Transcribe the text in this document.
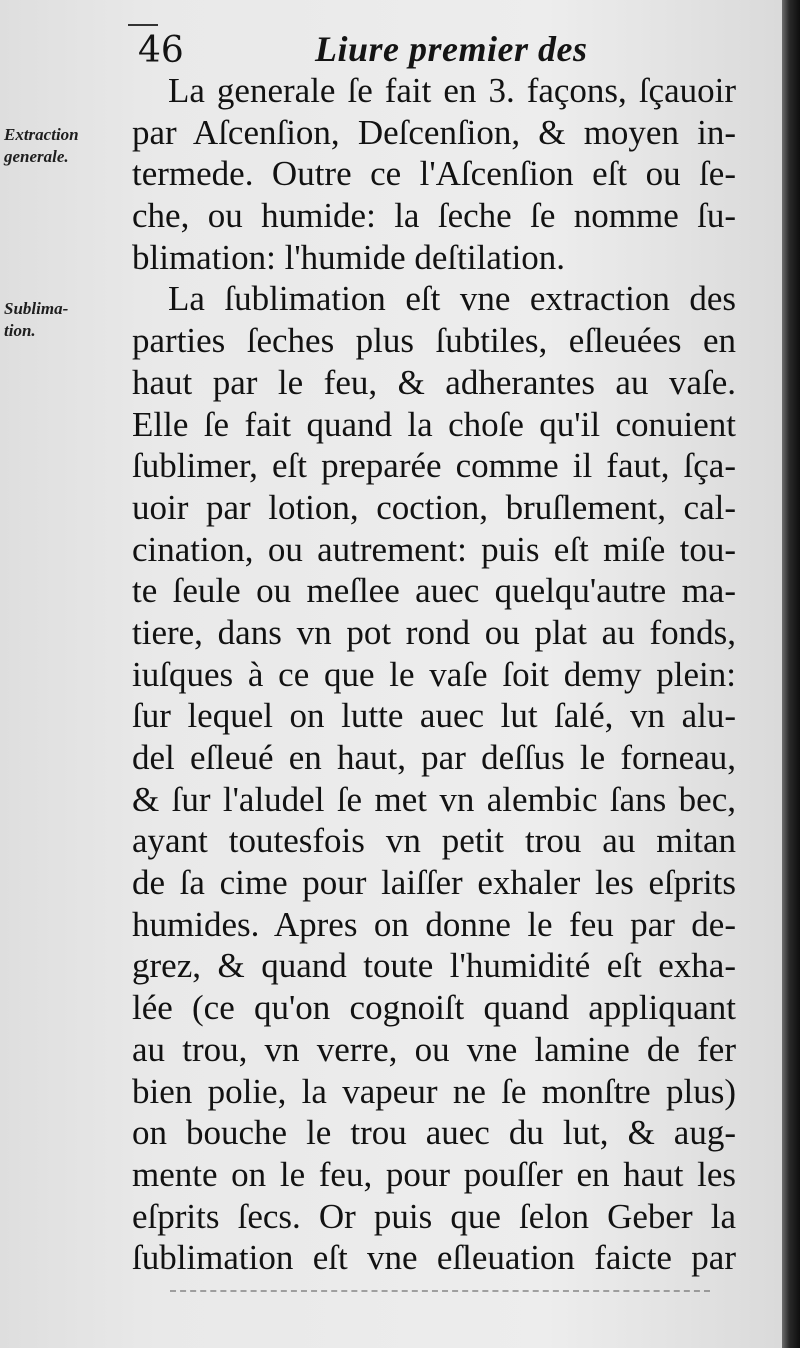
46	Liure premier des
Extraction
generale.
Sublima-
tion.
La generale ſe fait en 3. façons, ſçauoir
par Aſcenſion, Deſcenſion, & moyen in-
termede. Outre ce l'Aſcenſion eſt ou ſe-
che, ou humide: la ſeche ſe nomme ſu-
blimation: l'humide deſtilation.
La ſublimation eſt vne extraction des
parties ſeches plus ſubtiles, eſleuées en
haut par le feu, & adherantes au vaſe.
Elle ſe fait quand la choſe qu'il conuient
ſublimer, eſt preparée comme il faut, ſça-
uoir par lotion, coction, bruſlement, cal-
cination, ou autrement: puis eſt miſe tou-
te ſeule ou meſlee auec quelqu'autre ma-
tiere, dans vn pot rond ou plat au fonds,
iuſques à ce que le vaſe ſoit demy plein:
ſur lequel on lutte auec lut ſalé, vn alu-
del eſleué en haut, par deſſus le forneau,
& ſur l'aludel ſe met vn alembic ſans bec,
ayant toutesfois vn petit trou au mitan
de ſa cime pour laiſſer exhaler les eſprits
humides. Apres on donne le feu par de-
grez, & quand toute l'humidité eſt exha-
lée (ce qu'on cognoiſt quand appliquant
au trou, vn verre, ou vne lamine de fer
bien polie, la vapeur ne ſe monſtre plus)
on bouche le trou auec du lut, & aug-
mente on le feu, pour pouſſer en haut les
eſprits ſecs. Or puis que ſelon Geber la
ſublimation eſt vne eſleuation faicte par
